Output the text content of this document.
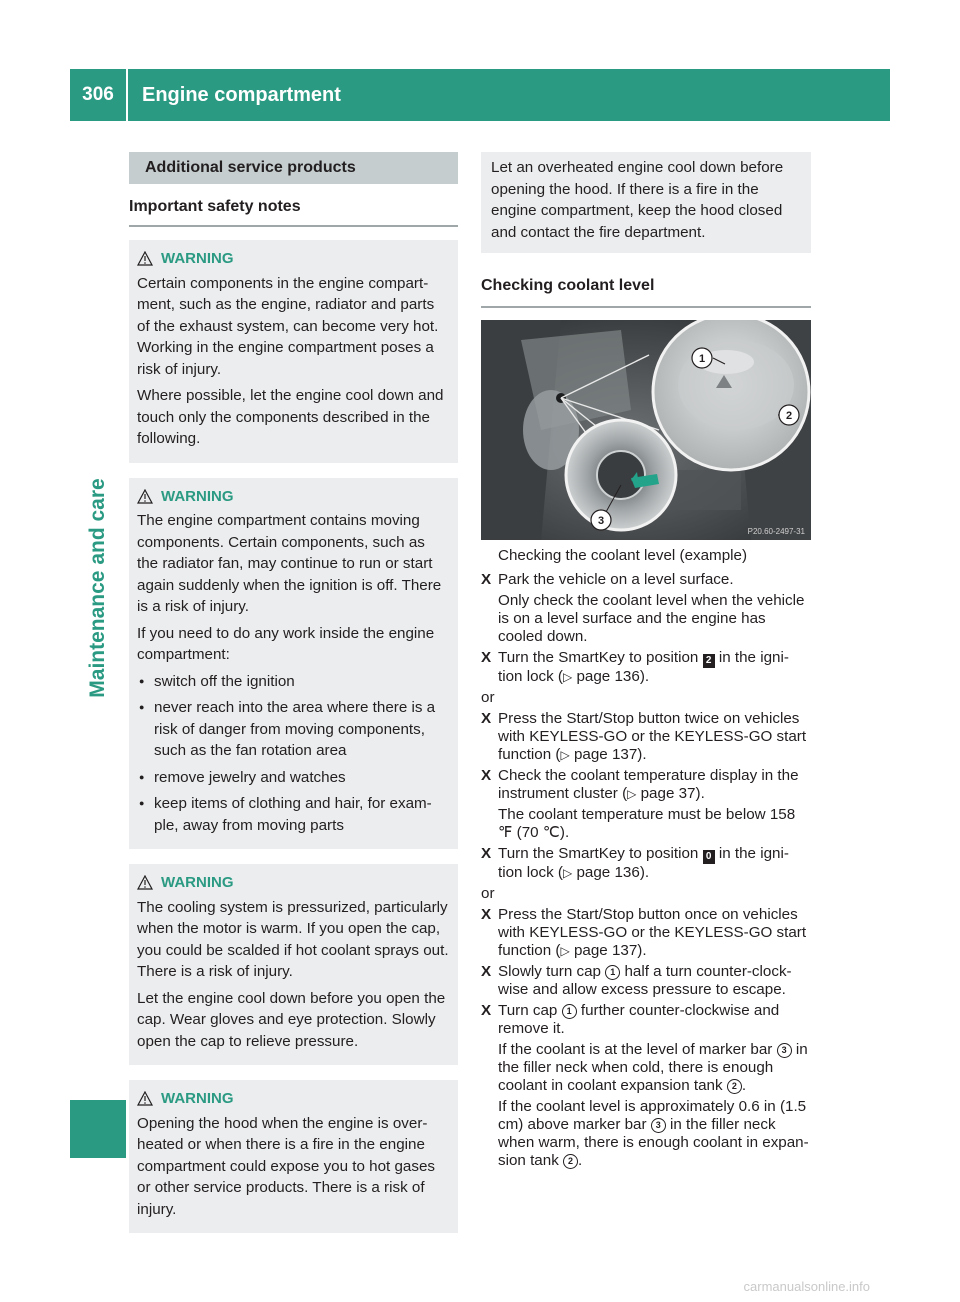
306	Engine compartment
Maintenance and care
Additional service products
Important safety notes
WARNING

Certain components in the engine compart-ment, such as the engine, radiator and parts of the exhaust system, can become very hot. Working in the engine compartment poses a risk of injury.

Where possible, let the engine cool down and touch only the components described in the following.

WARNING

The engine compartment contains moving components. Certain components, such as the radiator fan, may continue to run or start again suddenly when the ignition is off. There is a risk of injury.

If you need to do any work inside the engine compartment:

● switch off the ignition
● never reach into the area where there is a risk of danger from moving components, such as the fan rotation area
● remove jewelry and watches
● keep items of clothing and hair, for exam-ple, away from moving parts
WARNING

The cooling system is pressurized, particularly when the motor is warm. If you open the cap, you could be scalded if hot coolant sprays out. There is a risk of injury.

Let the engine cool down before you open the cap. Wear gloves and eye protection. Slowly open the cap to relieve pressure.

WARNING

Opening the hood when the engine is over-heated or when there is a fire in the engine compartment could expose you to hot gases or other service products. There is a risk of injury.

Let an overheated engine cool down before opening the hood. If there is a fire in the engine compartment, keep the hood closed and contact the fire department.
Checking coolant level
1
2
3
P20.60-2497-31
Checking the coolant level (example)
X Park the vehicle on a level surface.
Only check the coolant level when the vehicle is on a level surface and the engine has cooled down.
X Turn the SmartKey to position 2 in the igni-tion lock (▷ page 136).
or
X Press the Start/Stop button twice on vehicles with KEYLESS-GO or the KEYLESS-GO start function (▷ page 137).
X Check the coolant temperature display in the instrument cluster (▷ page 37).
The coolant temperature must be below 158 ℉ (70 ℃).
X Turn the SmartKey to position 0 in the igni-tion lock (▷ page 136).
or
X Press the Start/Stop button once on vehicles with KEYLESS-GO or the KEYLESS-GO start function (▷ page 137).
X Slowly turn cap 1 half a turn counter-clock-wise and allow excess pressure to escape.
X Turn cap 1 further counter-clockwise and remove it.
If the coolant is at the level of marker bar 3 in the filler neck when cold, there is enough coolant in coolant expansion tank 2 .
If the coolant level is approximately 0.6 in (1.5 cm) above marker bar 3 in the filler neck when warm, there is enough coolant in expan-sion tank 2 .
carmanualsonline.info
